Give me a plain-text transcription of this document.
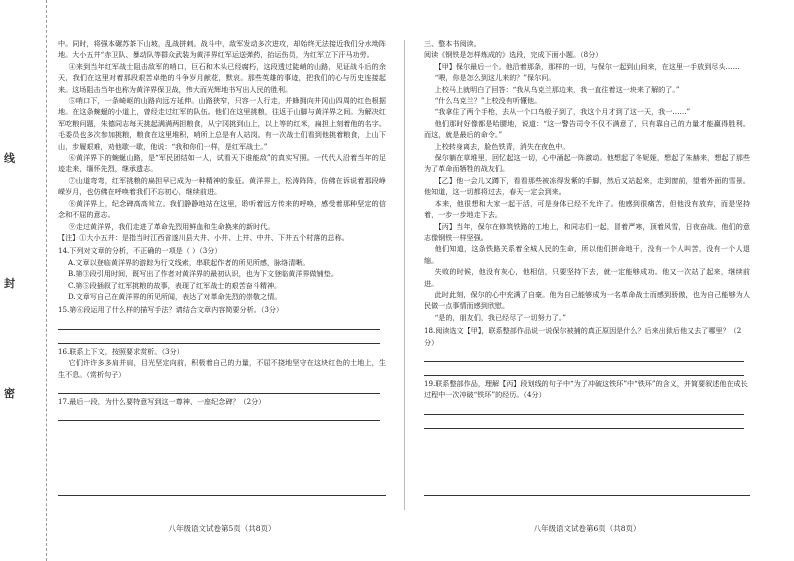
线
封
密

中。同时，将强本碾苏茶下山坡，乱战拼刺。战斗中，敌军发动多次进攻，却始终无法接近我们分水坳阵地。大小五井“赤卫队、暴动队等群众武装为黄洋界红军运送弹药，抬运伤员，为红军立下汗马功劳。

④来到当年红军战士阻击敌军的哨口，巨石和木头已经腐朽，这段透过陡峭的山路，见证战斗后的余天，我们在这里对着那段艰苦卓绝的斗争岁月献花，默哀。那些英雄的事迹，把我们的心与历史连接起来。这场阻击当年也称为黄洋界保卫战，伟大而光辉地书写出人民的胜利。

⑤哨口下，一条崎岖的山路向远方延伸。山路狭窄，只容一人行走，并蜂拥向井冈山四周的红色根据地。在这条蜿蜒的小道上，曾经走过红军的队伍。他们在这里挑粮，往返于山脚与黄洋界之间。为解决红军吃粮问题，朱德同志每天挑起满满两担粮食，从宁冈挑到山上，以上等的红米，扁担上刻着他的名字。毛委员也多次参加挑粮，粮食在这里堆积，哨所上总是有人站岗。有一次战士们看到他挑着粮食，上山下山，步履艰难，劝他歇一歇，他说：“我和你们一样，是红军战士。”

⑥黄洋界下的蜿蜒山路，是“军民团结如一人，试看天下谁能敌”的真实写照。一代代人沿着当年的足迹走来，缅怀先烈，继承遗志。

⑦山道弯弯，红军挑粮的扁担早已成为一种精神的象征。黄洋界上，松涛阵阵，仿佛在诉说着那段峥嵘岁月，也仿佛在呼唤着我们不忘初心，继续前进。

⑧黄洋界上，纪念碑高高耸立。我们静静地站在这里，聆听着远方传来的呼唤，感受着那种坚定的信念和不屈的意志。

⑨走过黄洋界，我们走进了革命先烈用鲜血和生命换来的新时代。

【注】①大小五井：是指当时江西省遂川县大井、小井、上井、中井、下井五个村落的总称。

14.下列对文章的分析，不正确的一项是（ ）（3分）

A.文章以登临黄洋界的游踪为行文线索，串联起作者的所见所感，脉络清晰。

B.第③段引用时间，既写出了作者对黄洋界的最初认识，也为下文登临黄洋界做铺垫。

C.第⑤段插叙了红军挑粮的故事，表现了红军战士的艰苦奋斗精神。

D.文章写自己在黄洋界的所见所闻，表达了对革命先烈的崇敬之情。

15.第⑥段运用了什么样的描写手法？请结合文章内容简要分析。（3分）

16.联系上下文，按照要求赏析。（3分）

它们许许多多肩并肩，目光坚定向前，积极着自己的力量，不屈不挠地坚守在这块红色的土地上，生生不息。（赏析句子）

17.最后一段，为什么要特意写到这一尊神、一座纪念碑？（2分）

八年级语文试卷第5页（共8页）

三、整本书阅读。

阅读《钢铁是怎样炼成的》选段，完成下面小题。（8分）

【甲】保尔最后一个。他沿着那条，那样的一切，与保尔一起到山间来，在这里一手放到尽头……

“喂，你是怎么到这儿来的？”保尔问。

上校马上就明白了回答：“我从乌克兰那边来，我一直往着这一块来了解的了。”

“什么乌克兰？”上校没有听懂他。

“我拿住了两个手枪，去从一个口鸟般子到了，我这个月才到了这一天，我一……”

他们那时好像都是哈腰地，说道：“这一警告司令不仅不满意了，只有靠自己的力量才能赢得胜利。而这，就是最后的命令。”

上校转身离去，脸色铁青，消失在夜色中。

保尔躺在草堆里，回忆起这一切，心中涌起一阵激动。他想起了冬妮娅，想起了朱赫来，想起了那些为了革命而牺牲的战友们。

【乙】他一会儿又蹲下，看看那些被冻得发紫的手脚，然后又站起来，走到窗前，望着外面的雪景。他知道，这一切都将过去，春天一定会到来。

本来，他很想和大家一起干活，可是身体已经不允许了。他感到很痛苦，但他没有放弃，而是坚持着，一步一步地走下去。

【丙】当年，保尔在修筑铁路的工地上，和同志们一起，冒着严寒，顶着风雪，日夜奋战。他们的意志像钢铁一样坚强。

他们知道，这条铁路关系着全城人民的生命，所以他们拼命地干，没有一个人叫苦，没有一个人退缩。

失败的时候，他没有灰心，他相信，只要坚持下去，就一定能够成功。他又一次站了起来，继续前进。

此时此刻，保尔的心中充满了自豪。他为自己能够成为一名革命战士而感到骄傲，也为自己能够为人民做一点事情而感到欣慰。

“是的，朋友们，我已经尽了一切努力了。”

18.阅读选文【甲】，联系整部作品说一说保尔被捕的真正原因是什么？后来出狱后他又去了哪里？（2分）

19.联系整部作品，理解【丙】段划线的句子中“为了冲破这铁环”中“铁环”的含义，并简要叙述他在成长过程中一次冲破“铁环”的经历。（4分）

八年级语文试卷第6页（共8页）
